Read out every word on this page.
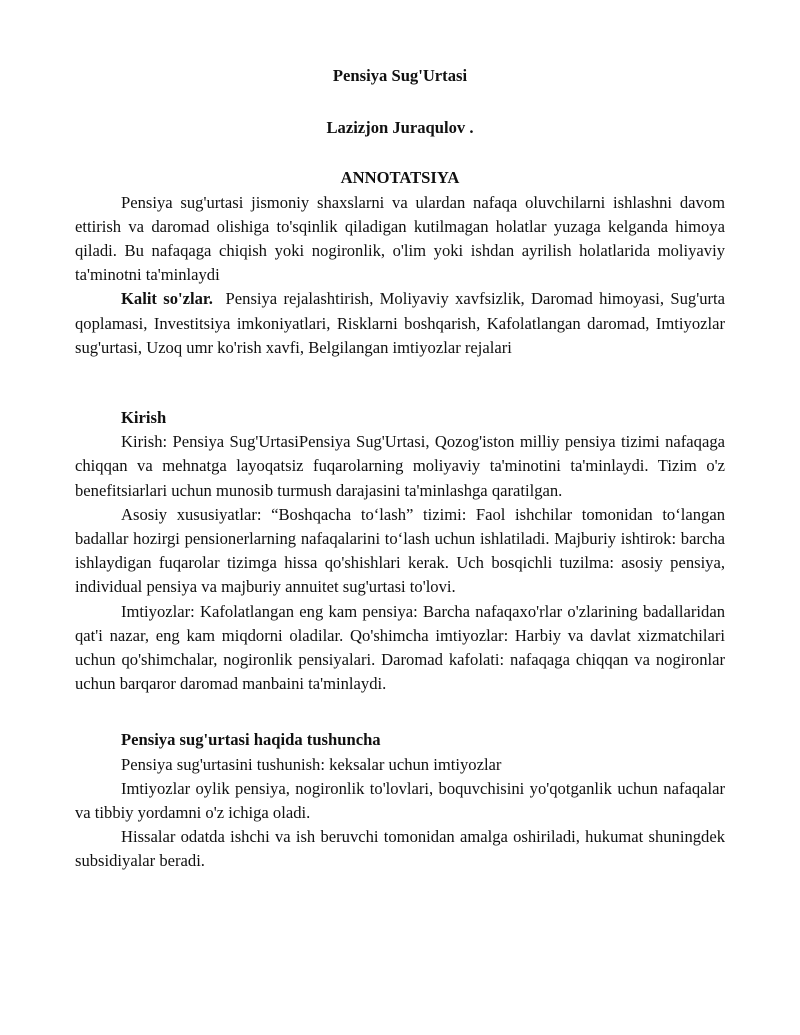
Pensiya Sug'Urtasi

Lazizjon Juraqulov .

ANNOTATSIYA

Pensiya sug'urtasi jismoniy shaxslarni va ulardan nafaqa oluvchilarni ishlashni davom ettirish va daromad olishiga to'sqinlik qiladigan kutilmagan holatlar yuzaga kelganda himoya qiladi. Bu nafaqaga chiqish yoki nogironlik, o'lim yoki ishdan ayrilish holatlarida moliyaviy ta'minotni ta'minlaydi

Kalit so'zlar. Pensiya rejalashtirish, Moliyaviy xavfsizlik, Daromad himoyasi, Sug'urta qoplamasi, Investitsiya imkoniyatlari, Risklarni boshqarish, Kafolatlangan daromad, Imtiyozlar sug'urtasi, Uzoq umr ko'rish xavfi, Belgilangan imtiyozlar rejalari

Kirish

Kirish: Pensiya Sug'UrtasiPensiya Sug'Urtasi, Qozog'iston milliy pensiya tizimi nafaqaga chiqqan va mehnatga layoqatsiz fuqarolarning moliyaviy ta'minotini ta'minlaydi. Tizim o'z benefitsiarlari uchun munosib turmush darajasini ta'minlashga qaratilgan.

Asosiy xususiyatlar: “Boshqacha to‘lash” tizimi: Faol ishchilar tomonidan to‘langan badallar hozirgi pensionerlarning nafaqalarini to‘lash uchun ishlatiladi. Majburiy ishtirok: barcha ishlaydigan fuqarolar tizimga hissa qo'shishlari kerak. Uch bosqichli tuzilma: asosiy pensiya, individual pensiya va majburiy annuitet sug'urtasi to'lovi.

Imtiyozlar: Kafolatlangan eng kam pensiya: Barcha nafaqaxo'rlar o'zlarining badallaridan qat'i nazar, eng kam miqdorni oladilar. Qo'shimcha imtiyozlar: Harbiy va davlat xizmatchilari uchun qo'shimchalar, nogironlik pensiyalari. Daromad kafolati: nafaqaga chiqqan va nogironlar uchun barqaror daromad manbaini ta'minlaydi.

Pensiya sug'urtasi haqida tushuncha

Pensiya sug'urtasini tushunish: keksalar uchun imtiyozlar

Imtiyozlar oylik pensiya, nogironlik to'lovlari, boquvchisini yo'qotganlik uchun nafaqalar va tibbiy yordamni o'z ichiga oladi.

Hissalar odatda ishchi va ish beruvchi tomonidan amalga oshiriladi, hukumat shuningdek subsidiyalar beradi.
